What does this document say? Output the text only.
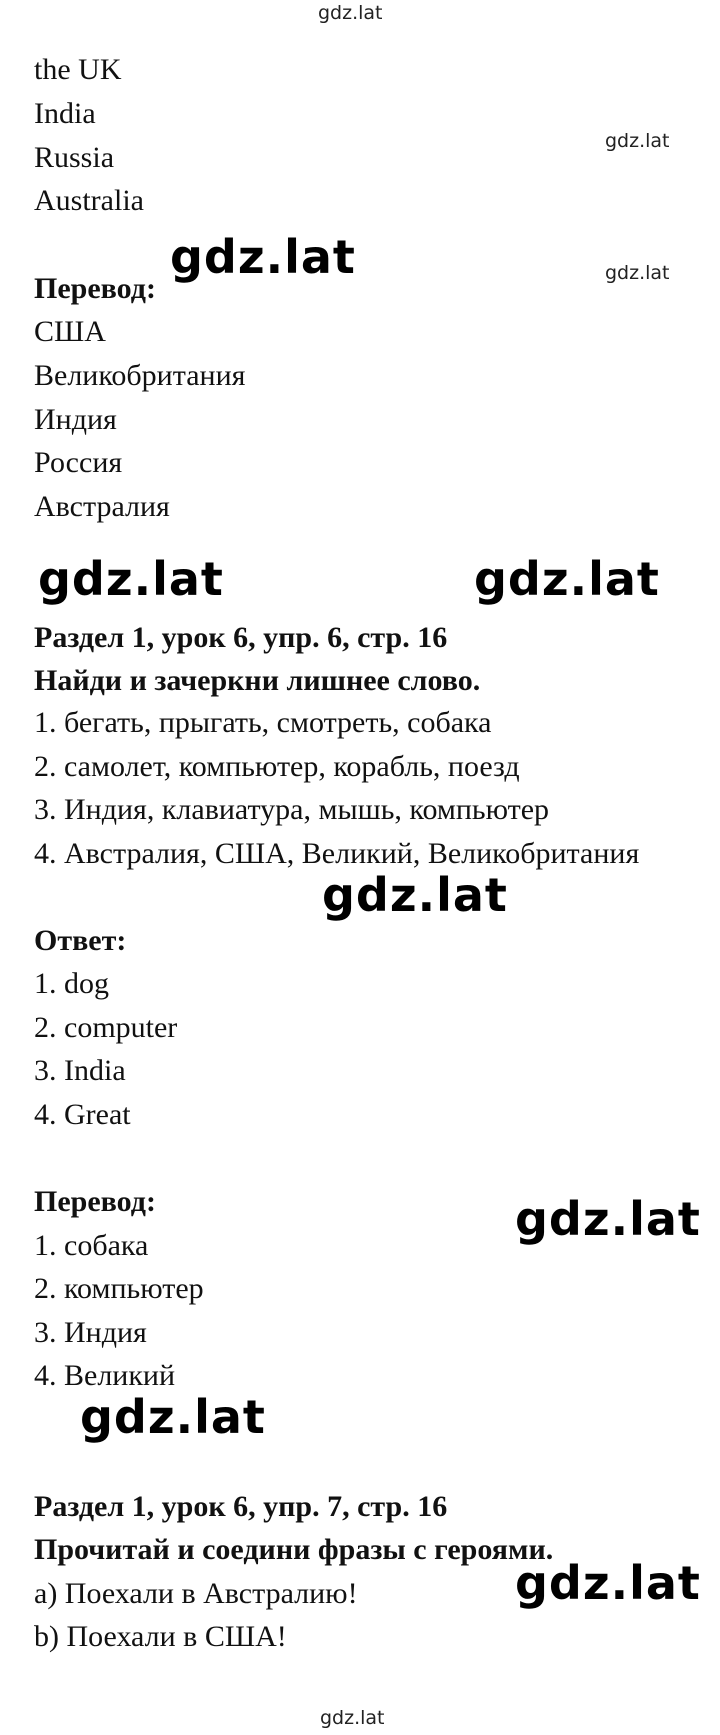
gdz.lat
gdz.lat
gdz.lat
gdz.lat
the UK
India
Russia
Australia
Перевод:
США
Великобритания
Индия
Россия
Австралия
Раздел 1, урок 6, упр. 6, стр. 16
Найди и зачеркни лишнее слово.
1. бегать, прыгать, смотреть, собака
2. самолет, компьютер, корабль, поезд
3. Индия, клавиатура, мышь, компьютер
4. Австралия, США, Великий, Великобритания
Ответ:
1. dog
2. computer
3. India
4. Great
Перевод:
1. собака
2. компьютер
3. Индия
4. Великий
Раздел 1, урок 6, упр. 7, стр. 16
Прочитай и соедини фразы с героями.
a) Поехали в Австралию!
b) Поехали в США!
gdz.lat
gdz.lat	gdz.lat
gdz.lat
gdz.lat
gdz.lat
gdz.lat
